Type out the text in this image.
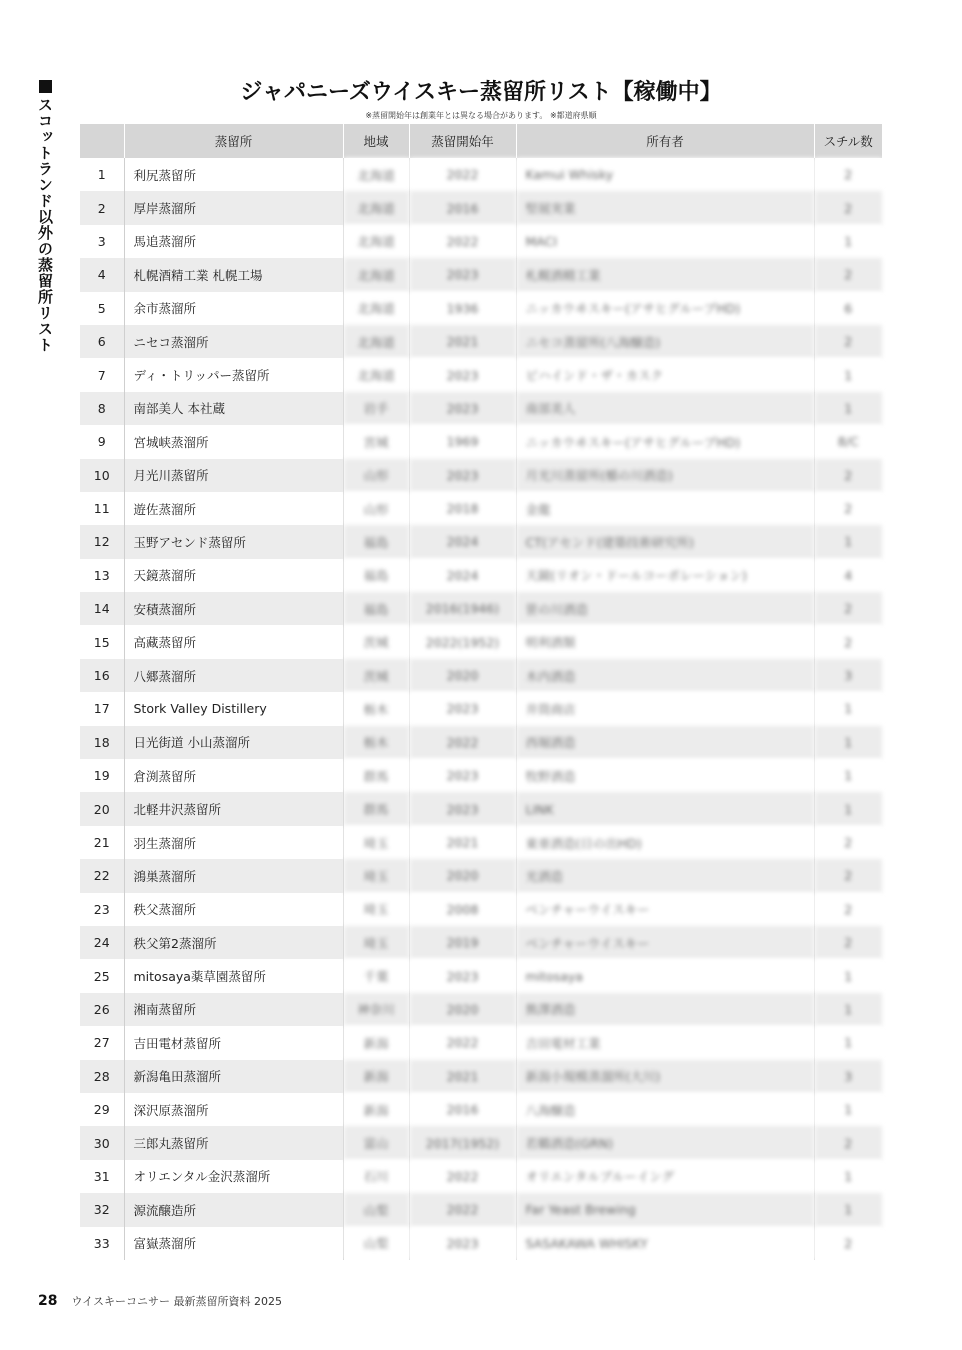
スコットランド以外の蒸留所リスト
ジャパニーズウイスキー蒸留所リスト【稼働中】
※蒸留開始年は創業年とは異なる場合があります。 ※都道府県順
	蒸留所	地域	蒸留開始年	所有者	スチル数
1	利尻蒸留所	北海道	2022	Kamui Whisky	2
2	厚岸蒸溜所	北海道	2016	堅展実業	2
3	馬追蒸溜所	北海道	2022	MACI	1
4	札幌酒精工業 札幌工場	北海道	2023	札幌酒精工業	2
5	余市蒸溜所	北海道	1936	ニッカウヰスキー(アサヒグループHD)	6
6	ニセコ蒸溜所	北海道	2021	ニセコ蒸留所(八海醸造)	2
7	ディ・トリッパー蒸留所	北海道	2023	ビハインド・ザ・カスク	1
8	南部美人 本社蔵	岩手	2023	南部美人	1
9	宮城峡蒸溜所	宮城	1969	ニッカウヰスキー(アサヒグループHD)	8/C
10	月光川蒸留所	山形	2023	月光川蒸留所(楯の川酒造)	2
11	遊佐蒸溜所	山形	2018	金龍	2
12	玉野アセンド蒸留所	福島	2024	CT(アセンド(建築技術研究所)	1
13	天鏡蒸溜所	福島	2024	天鏡(リオン・ドールコーポレーション)	4
14	安積蒸溜所	福島	2016(1946)	笹の川酒造	2
15	高藏蒸留所	茨城	2022(1952)	明利酒類	2
16	八郷蒸溜所	茨城	2020	木内酒造	3
17	Stork Valley Distillery	栃木	2023	井筒商店	1
18	日光街道 小山蒸溜所	栃木	2022	西堀酒造	1
19	倉渕蒸留所	群馬	2023	牧野酒造	1
20	北軽井沢蒸留所	群馬	2023	LINK	1
21	羽生蒸溜所	埼玉	2021	東亜酒造(日の出HD)	2
22	鴻巣蒸溜所	埼玉	2020	光酒造	2
23	秩父蒸溜所	埼玉	2008	ベンチャーウイスキー	2
24	秩父第2蒸溜所	埼玉	2019	ベンチャーウイスキー	2
25	mitosaya薬草園蒸留所	千葉	2023	mitosaya	1
26	湘南蒸留所	神奈川	2020	熊澤酒造	1
27	吉田電材蒸留所	新潟	2022	吉田電材工業	1
28	新潟亀田蒸溜所	新潟	2021	新潟小規模蒸溜所(大川)	3
29	深沢原蒸溜所	新潟	2016	八海醸造	1
30	三郎丸蒸留所	富山	2017(1952)	若鶴酒造(GRN)	2
31	オリエンタル金沢蒸溜所	石川	2022	オリエンタルブルーイング	1
32	源流醸造所	山梨	2022	Far Yeast Brewing	1
33	富嶽蒸溜所	山梨	2023	SASAKAWA WHISKY	2
28 ウイスキーコニサー 最新蒸留所資料 2025
